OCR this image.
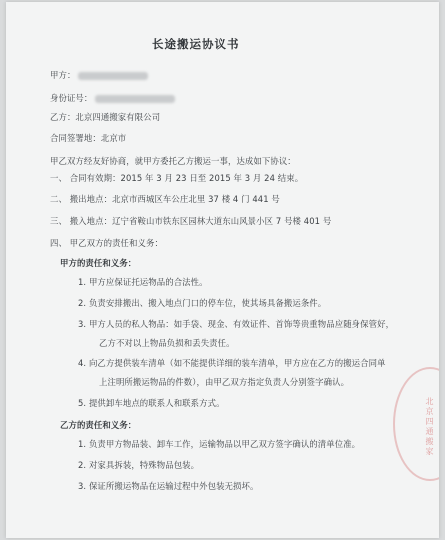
长途搬运协议书
甲方：
身份证号：
乙方：北京四通搬家有限公司
合同签署地：北京市
甲乙双方经友好协商，就甲方委托乙方搬运一事，达成如下协议：
一、 合同有效期：2015 年 3 月 23 日至 2015 年 3 月 24 结束。
二、 搬出地点：北京市西城区车公庄北里 37 楼 4 门 441 号
三、 搬入地点：辽宁省鞍山市铁东区园林大道东山风景小区 7 号楼 401 号
四、 甲乙双方的责任和义务：
甲方的责任和义务：
1. 甲方应保证托运物品的合法性。
2. 负责安排搬出、搬入地点门口的停车位，使其场具备搬运条件。
3. 甲方人员的私人物品：如手袋、现金、有效证件、首饰等贵重物品应随身保管好，
乙方不对以上物品负损和丢失责任。
4. 向乙方提供装车清单（如不能提供详细的装车清单，甲方应在乙方的搬运合同单
上注明所搬运物品的件数），由甲乙双方指定负责人分别签字确认。
5. 提供卸车地点的联系人和联系方式。
乙方的责任和义务：
1. 负责甲方物品装、卸车工作，运输物品以甲乙双方签字确认的清单位准。
2. 对家具拆装，特殊物品包装。
3. 保证所搬运物品在运输过程中外包装无损坏。
北京四通搬家
